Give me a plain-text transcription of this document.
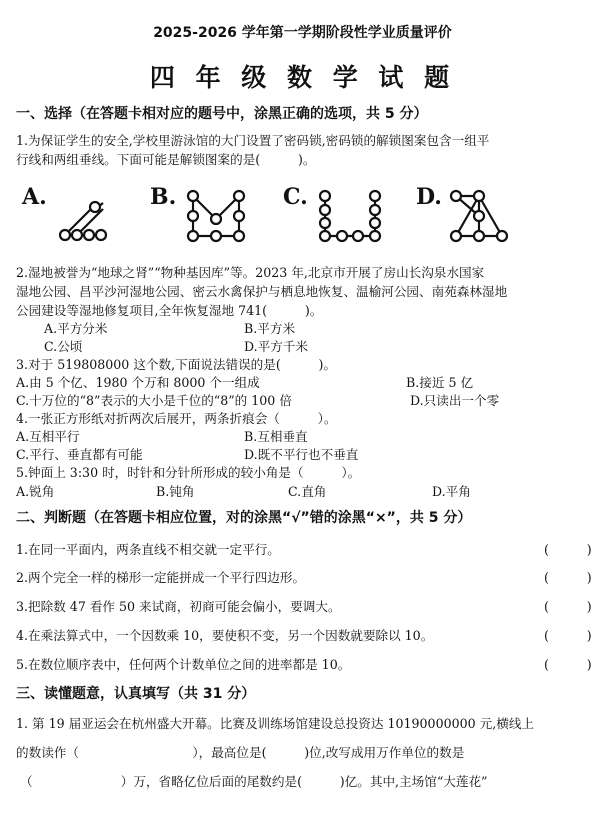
2025-2026 学年第一学期阶段性学业质量评价
四 年 级 数 学 试 题
一、选择（在答题卡相对应的题号中，涂黑正确的选项，共 5 分）
1.为保证学生的安全,学校里游泳馆的大门设置了密码锁,密码锁的解锁图案包含一组平
行线和两组垂线。下面可能是解锁图案的是(　　　)。
A.	B.	C.	D.
2.湿地被誉为“地球之肾”“物种基因库”等。2023 年,北京市开展了房山长沟泉水国家
湿地公园、昌平沙河湿地公园、密云水禽保护与栖息地恢复、温榆河公园、南苑森林湿地
公园建设等湿地修复项目,全年恢复湿地 741(　　　)。
A.平方分米	B.平方米
C.公顷	D.平方千米
3.对于 519808000 这个数,下面说法错误的是(　　　)。
A.由 5 个亿、1980 个万和 8000 个一组成	B.接近 5 亿
C.十万位的“8”表示的大小是千位的“8”的 100 倍	D.只读出一个零
4.一张正方形纸对折两次后展开，两条折痕会（　　　）。
A.互相平行	B.互相垂直
C.平行、垂直都有可能	D.既不平行也不垂直
5.钟面上 3:30 时，时针和分针所形成的较小角是（　　　）。
A.锐角	B.钝角	C.直角	D.平角
二、判断题（在答题卡相应位置，对的涂黑“√”错的涂黑“×”，共 5 分）
1.在同一平面内，两条直线不相交就一定平行。	(　　　)
2.两个完全一样的梯形一定能拼成一个平行四边形。	(　　　)
3.把除数 47 看作 50 来试商，初商可能会偏小，要调大。	(　　　)
4.在乘法算式中，一个因数乘 10，要使积不变，另一个因数就要除以 10。	(　　　)
5.在数位顺序表中，任何两个计数单位之间的进率都是 10。	(　　　)
三、读懂题意，认真填写（共 31 分）
1. 第 19 届亚运会在杭州盛大开幕。比赛及训练场馆建设总投资达 10190000000 元,横线上
的数读作（　　　　　　　　　），最高位是(　　　)位,改写成用万作单位的数是
（　　　　　　　）万，省略亿位后面的尾数约是(　　　)亿。其中,主场馆“大莲花”
